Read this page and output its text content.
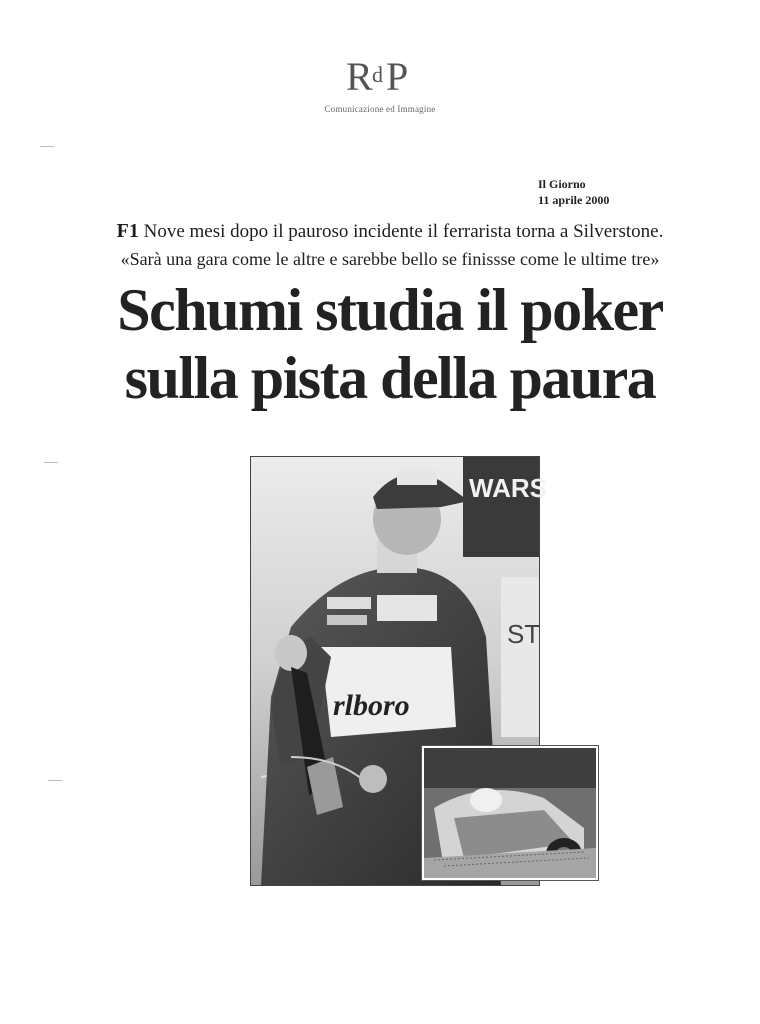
R d P
Comunicazione ed Immagine
Il Giorno
11 aprile 2000
F1 Nove mesi dopo il pauroso incidente il ferrarista torna a Silverstone.
«Sarà una gara come le altre e sarebbe bello se finissse come le ultime tre»
Schumi studia il poker
sulla pista della paura
WARS
ST
rlboro
